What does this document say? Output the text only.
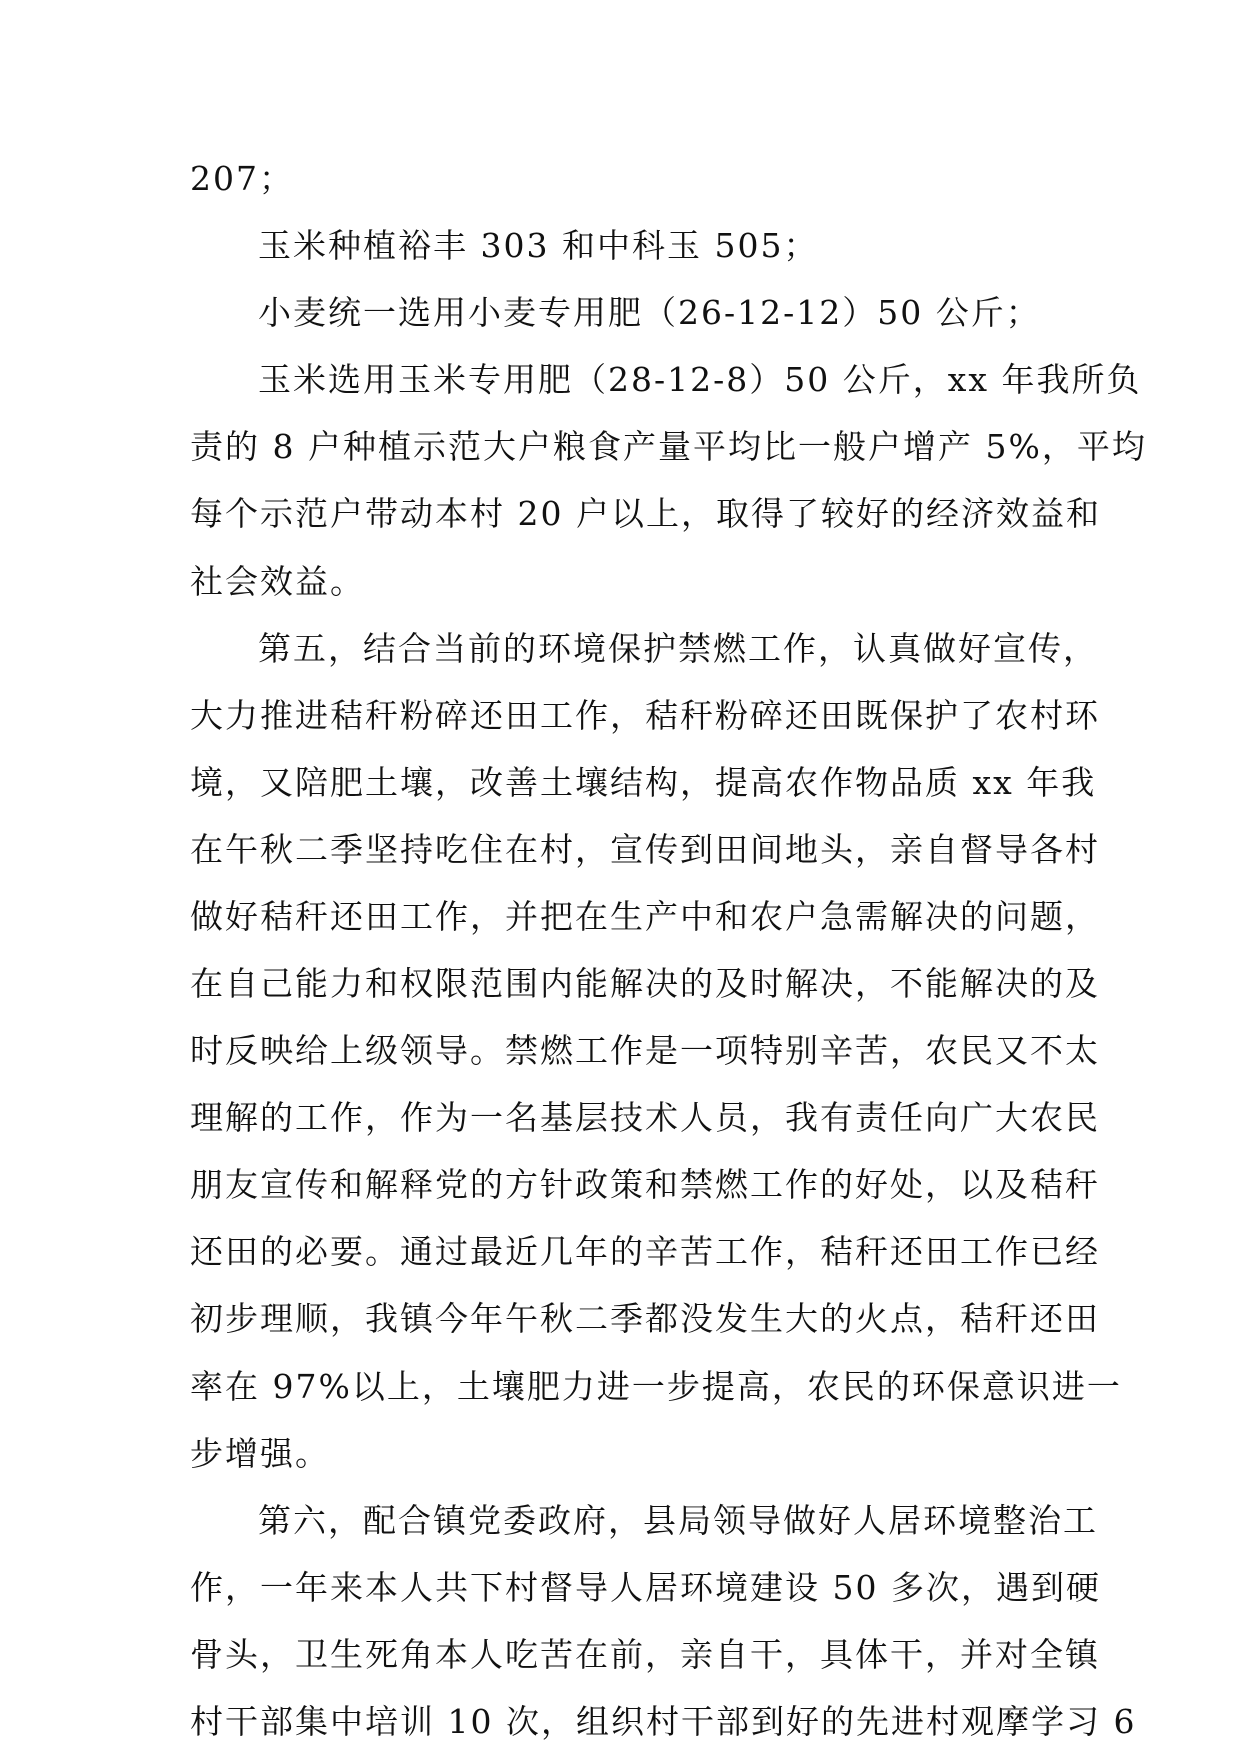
207；
玉米种植裕丰 303 和中科玉 505；
小麦统一选用小麦专用肥（26-12-12）50 公斤；
玉米选用玉米专用肥（28-12-8）50 公斤，xx 年我所负
责的 8 户种植示范大户粮食产量平均比一般户增产 5%，平均
每个示范户带动本村 20 户以上，取得了较好的经济效益和
社会效益。
第五，结合当前的环境保护禁燃工作，认真做好宣传，
大力推进秸秆粉碎还田工作，秸秆粉碎还田既保护了农村环
境，又陪肥土壤，改善土壤结构，提高农作物品质 xx 年我
在午秋二季坚持吃住在村，宣传到田间地头，亲自督导各村
做好秸秆还田工作，并把在生产中和农户急需解决的问题，
在自己能力和权限范围内能解决的及时解决，不能解决的及
时反映给上级领导。禁燃工作是一项特别辛苦，农民又不太
理解的工作，作为一名基层技术人员，我有责任向广大农民
朋友宣传和解释党的方针政策和禁燃工作的好处，以及秸秆
还田的必要。通过最近几年的辛苦工作，秸秆还田工作已经
初步理顺，我镇今年午秋二季都没发生大的火点，秸秆还田
率在 97%以上，土壤肥力进一步提高，农民的环保意识进一
步增强。
第六，配合镇党委政府，县局领导做好人居环境整治工
作，一年来本人共下村督导人居环境建设 50 多次，遇到硬
骨头，卫生死角本人吃苦在前，亲自干，具体干，并对全镇
村干部集中培训 10 次，组织村干部到好的先进村观摩学习 6
